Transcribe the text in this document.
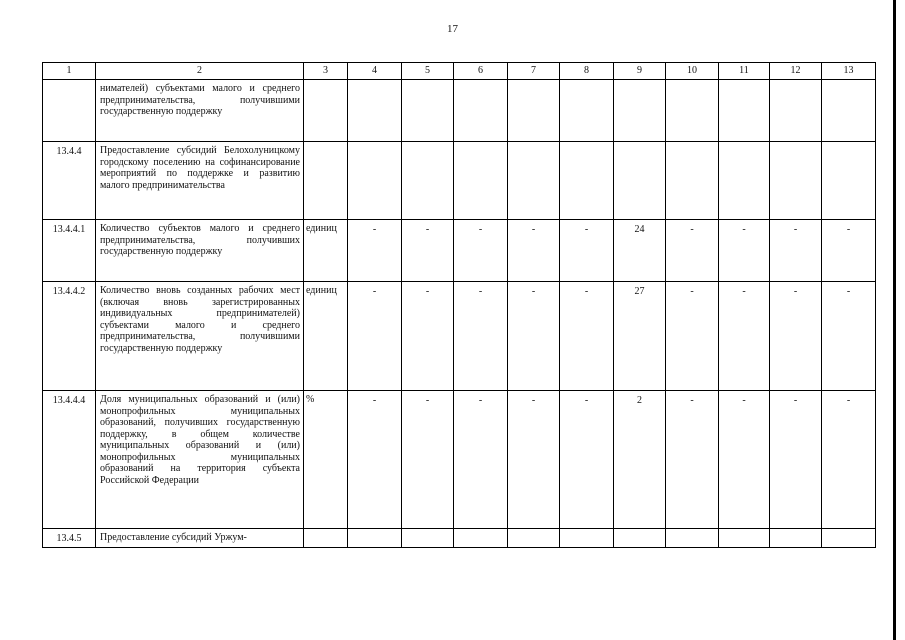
17
1	2	3	4	5	6	7	8	9	10	11	12	13
	нимателей) субъектами малого и среднего предпринимательства, получившими государственную поддержку											
13.4.4	Предоставление субсидий Белохолуницкому городскому поселению на софинансирование мероприятий по поддержке и развитию малого предпринимательства											
13.4.4.1	Количество субъектов малого и среднего предпринимательства, получивших государственную поддержку	единиц	-	-	-	-	-	24	-	-	-	-
13.4.4.2	Количество вновь созданных рабочих мест (включая вновь зарегистрированных индивидуальных предпринимателей) субъектами малого и среднего предпринимательства, получившими государственную поддержку	единиц	-	-	-	-	-	27	-	-	-	-
13.4.4.4	Доля муниципальных образований и (или) монопрофильных муниципальных образований, получивших государственную поддержку, в общем количестве муниципальных образований и (или) монопрофильных муниципальных образований на территория субъекта Российской Федерации	%	-	-	-	-	-	2	-	-	-	-
13.4.5	Предоставление субсидий Уржум-											
